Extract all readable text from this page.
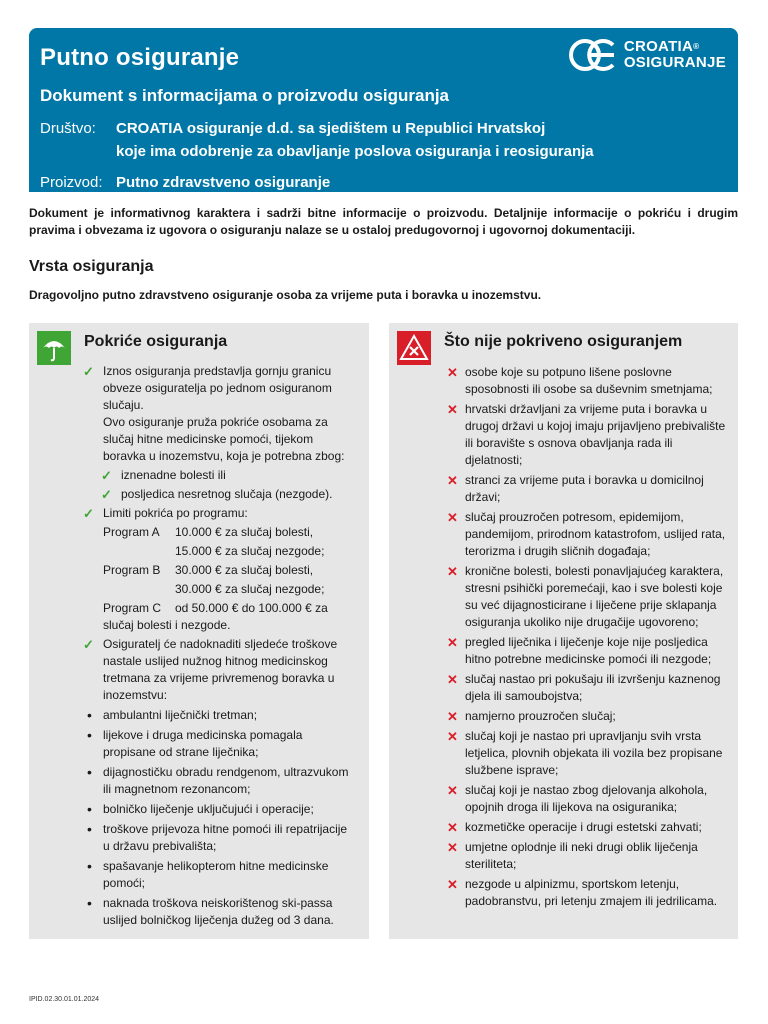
Putno osiguranje
Dokument s informacijama o proizvodu osiguranja
Društvo: CROATIA osiguranje d.d. sa sjedištem u Republici Hrvatskoj
koje ima odobrenje za obavljanje poslova osiguranja i reosiguranja
Proizvod: Putno zdravstveno osiguranje
CROATIA®
OSIGURANJE
Dokument je informativnog karaktera i sadrži bitne informacije o proizvodu. Detaljnije informacije o pokriću i drugim pravima i obvezama iz ugovora o osiguranju nalaze se u ostalој predugovornoj i ugovornoj dokumentaciji.
Vrsta osiguranja
Dragovoljno putno zdravstveno osiguranje osoba za vrijeme puta i boravka u inozemstvu.
Pokriće osiguranja
✓ Iznos osiguranja predstavlja gornju granicu obveze osiguratelja po jednom osiguranom slučaju.
Ovo osiguranje pruža pokriće osobama za slučaj hitne medicinske pomoći, tijekom boravka u inozemstvu, koja je potrebna zbog:
✓ iznenadne bolesti ili
✓ posljedica nesretnog slučaja (nezgode).
✓ Limiti pokrića po programu:
Program A	10.000 € za slučaj bolesti,
15.000 € za slučaj nezgode;
Program B	30.000 € za slučaj bolesti,
30.000 € za slučaj nezgode;
Program C	od 50.000 € do 100.000 € za
slučaj bolesti i nezgode.
✓ Osiguratelj će nadoknaditi sljedeće troškove nastale uslijed nužnog hitnog medicinskog tretmana za vrijeme privremenog boravka u inozemstvu:
• ambulantni liječnički tretman;
• lijekove i druga medicinska pomagala propisane od strane liječnika;
• dijagnostičku obradu rendgenom, ultrazvukom ili magnetnom rezonancom;
• bolničko liječenje uključujući i operacije;
• troškove prijevoza hitne pomoći ili repatrijacije u državu prebivališta;
• spašavanje helikopterom hitne medicinske pomoći;
• naknada troškova neiskorištenog ski-passa uslijed bolničkog liječenja dužeg od 3 dana.
Što nije pokriveno osiguranjem
✕ osobe koje su potpuno lišene poslovne sposobnosti ili osobe sa duševnim smetnjama;
✕ hrvatski državljani za vrijeme puta i boravka u drugoj državi u kojoj imaju prijavljeno prebivalište ili boravište s osnova obavljanja rada ili djelatnosti;
✕ stranci za vrijeme puta i boravka u domicilnoj državi;
✕ slučaj prouzročen potresom, epidemijom, pandemijom, prirodnom katastrofom, uslijed rata, terorizma i drugih sličnih događaja;
✕ kronične bolesti, bolesti ponavljajućeg karaktera, stresni psihički poremećaji, kao i sve bolesti koje su već dijagnosticirane i liječene prije sklapanja osiguranja ukoliko nije drugačije ugovoreno;
✕ pregled liječnika i liječenje koje nije posljedica hitno potrebne medicinske pomoći ili nezgode;
✕ slučaj nastao pri pokušaju ili izvršenju kaznenog djela ili samoubojstva;
✕ namjerno prouzročen slučaj;
✕ slučaj koji je nastao pri upravljanju svih vrsta letjelica, plovnih objekata ili vozila bez propisane službene isprave;
✕ slučaj koji je nastao zbog djelovanja alkohola, opojnih droga ili lijekova na osiguranika;
✕ kozmetičke operacije i drugi estetski zahvati;
✕ umjetne oplodnje ili neki drugi oblik liječenja steriliteta;
✕ nezgode u alpinizmu, sportskom letenju, padobranstvu, pri letenju zmajem ili jedrilicama.
IPID.02.30.01.01.2024
